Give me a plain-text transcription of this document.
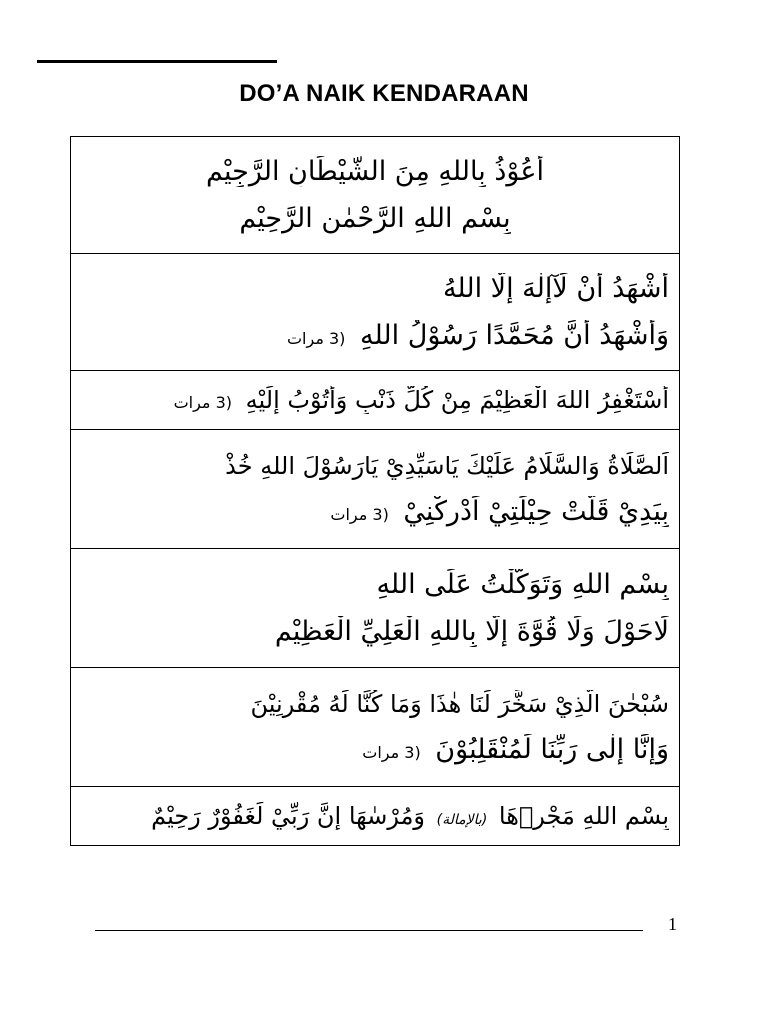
DO’A NAIK KENDARAAN
أَعُوْذُ بِاللهِ مِنَ الشَّيْطَانِ الرَّجِيْمِ
بِسْمِ اللهِ الرَّحْمٰنِ الرَّحِيْمِ

أَشْهَدُ أَنْ لَآإِلٰهَ إِلَّا اللهُ
وَأَشْهَدُ أَنَّ مُحَمَّدًا رَسُوْلُ اللهِ (3 مرات

أَسْتَغْفِرُ اللهَ الْعَظِيْمَ مِنْ كُلِّ ذَنْبٍ وَأَتُوْبُ إِلَيْهِ (3 مرات

اَلصَّلَاةُ وَالسَّلَامُ عَلَيْكَ يَاسَيِّدِيْ يَارَسُوْلَ اللهِ خُذْ
بِيَدِيْ قَلَّتْ حِيْلَتِيْ اَدْرِكْنِيْ (3 مرات

بِسْمِ اللهِ وَتَوَكَّلْتُ عَلَى اللهِ
لَاحَوْلَ وَلَا قُوَّةَ إِلَّا بِاللهِ الْعَلِيِّ الْعَظِيْمِ

سُبْحٰنَ الَّذِيْ سَخَّرَ لَنَا هٰذَا وَمَا كُنَّا لَهُ مُقْرِنِيْنَ
وَإِنَّا إِلٰى رَبِّنَا لَمُنْقَلِبُوْنَ (3 مرات

بِسْمِ اللهِ مَجْرٖهَا (بالإمالة) وَمُرْسٰهَا إِنَّ رَبِّيْ لَغَفُوْرٌ رَحِيْمٌ
1
